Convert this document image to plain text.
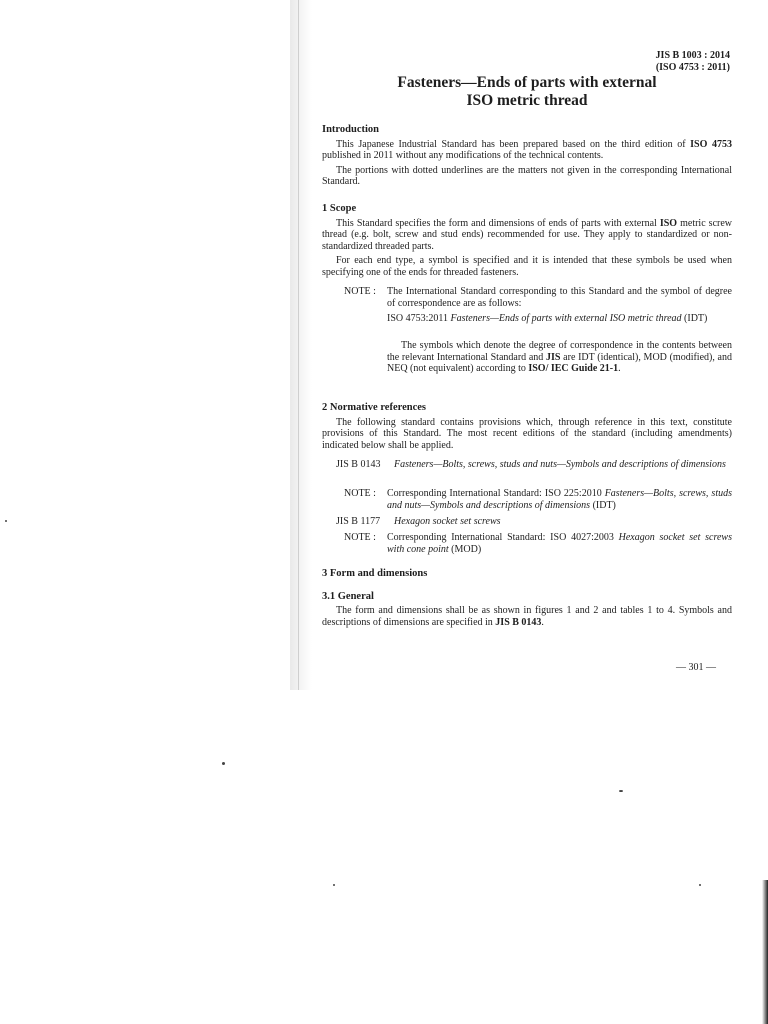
JIS B 1003 : 2014
(ISO 4753 : 2011)
Fasteners—Ends of parts with external
ISO metric thread
Introduction
This Japanese Industrial Standard has been prepared based on the third edition of ISO 4753 published in 2011 without any modifications of the technical contents.
The portions with dotted underlines are the matters not given in the corresponding International Standard.
1 Scope
This Standard specifies the form and dimensions of ends of parts with external ISO metric screw thread (e.g. bolt, screw and stud ends) recommended for use. They apply to standardized or non-standardized threaded parts.
For each end type, a symbol is specified and it is intended that these symbols be used when specifying one of the ends for threaded fasteners.
NOTE : The International Standard corresponding to this Standard and the symbol of degree of correspondence are as follows:
ISO 4753:2011 Fasteners—Ends of parts with external ISO metric thread (IDT)
The symbols which denote the degree of correspondence in the contents between the relevant International Standard and JIS are IDT (identical), MOD (modified), and NEQ (not equivalent) according to ISO/ IEC Guide 21-1.
2 Normative references
The following standard contains provisions which, through reference in this text, constitute provisions of this Standard. The most recent editions of the standard (including amendments) indicated below shall be applied.
JIS B 0143 Fasteners—Bolts, screws, studs and nuts—Symbols and descriptions of dimensions
NOTE : Corresponding International Standard: ISO 225:2010 Fasteners—Bolts, screws, studs and nuts—Symbols and descriptions of dimensions (IDT)
JIS B 1177 Hexagon socket set screws
NOTE : Corresponding International Standard: ISO 4027:2003 Hexagon socket set screws with cone point (MOD)
3 Form and dimensions
3.1 General
The form and dimensions shall be as shown in figures 1 and 2 and tables 1 to 4. Symbols and descriptions of dimensions are specified in JIS B 0143.
— 301 —
